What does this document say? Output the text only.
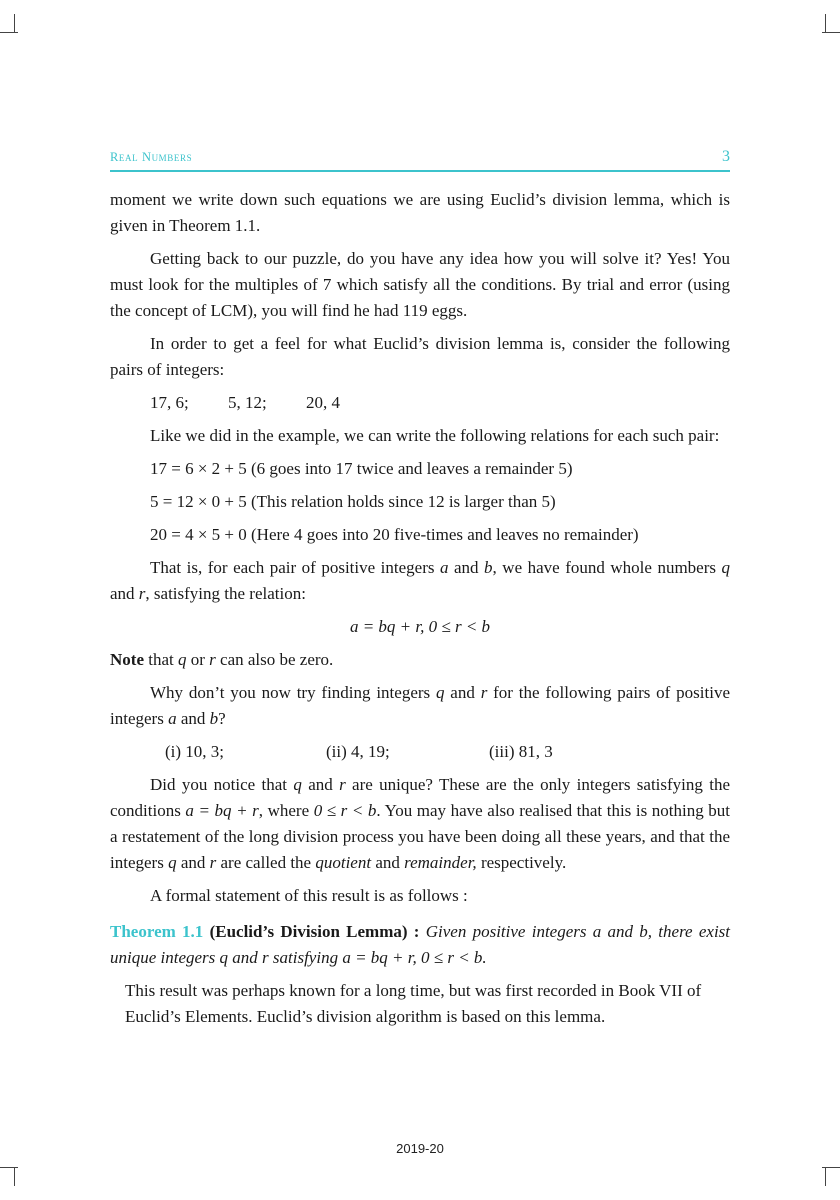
Real Numbers	3

moment we write down such equations we are using Euclid’s division lemma, which is given in Theorem 1.1.

Getting back to our puzzle, do you have any idea how you will solve it? Yes! You must look for the multiples of 7 which satisfy all the conditions. By trial and error (using the concept of LCM), you will find he had 119 eggs.

In order to get a feel for what Euclid’s division lemma is, consider the following pairs of integers:

17, 6; 5, 12; 20, 4

Like we did in the example, we can write the following relations for each such pair:

17 = 6 × 2 + 5 (6 goes into 17 twice and leaves a remainder 5)
5 = 12 × 0 + 5 (This relation holds since 12 is larger than 5)
20 = 4 × 5 + 0 (Here 4 goes into 20 five-times and leaves no remainder)

That is, for each pair of positive integers a and b, we have found whole numbers q and r, satisfying the relation:

a = bq + r, 0 ≤ r < b

Note that q or r can also be zero.

Why don’t you now try finding integers q and r for the following pairs of positive integers a and b?

(i) 10, 3;	(ii) 4, 19;	(iii) 81, 3

Did you notice that q and r are unique? These are the only integers satisfying the conditions a = bq + r, where 0 ≤ r < b. You may have also realised that this is nothing but a restatement of the long division process you have been doing all these years, and that the integers q and r are called the quotient and remainder, respectively.

A formal statement of this result is as follows :

Theorem 1.1 (Euclid’s Division Lemma) : Given positive integers a and b, there exist unique integers q and r satisfying a = bq + r, 0 ≤ r < b.

This result was perhaps known for a long time, but was first recorded in Book VII of Euclid’s Elements. Euclid’s division algorithm is based on this lemma.

2019-20
